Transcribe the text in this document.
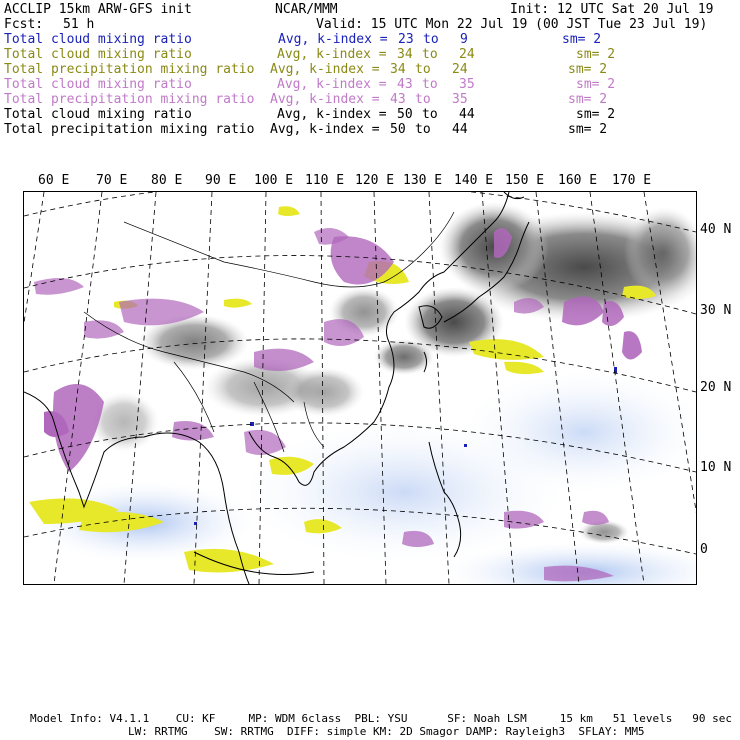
ACCLIP 15km ARW-GFS init	NCAR/MMM	Init: 12 UTC Sat 20 Jul 19
Fcst: 51 h	Valid: 15 UTC Mon 22 Jul 19 (00 JST Tue 23 Jul 19)
Total cloud mixing ratio	Avg, k-index = 23 to 9	sm= 2
Total cloud mixing ratio	Avg, k-index = 34 to 24	sm= 2
Total precipitation mixing ratio Avg, k-index = 34 to 24	sm= 2
Total cloud mixing ratio	Avg, k-index = 43 to 35	sm= 2
Total precipitation mixing ratio Avg, k-index = 43 to 35	sm= 2
Total cloud mixing ratio	Avg, k-index = 50 to 44	sm= 2
Total precipitation mixing ratio Avg, k-index = 50 to 44	sm= 2
60 E 70 E 80 E 90 E 100 E 110 E 120 E 130 E 140 E 150 E 160 E 170 E
40 N
30 N
20 N
10 N
0
Model Info: V4.1.1    CU: KF     MP: WDM 6class  PBL: YSU      SF: Noah LSM     15 km   51 levels   90 sec
LW: RRTMG    SW: RRTMG  DIFF: simple KM: 2D Smagor DAMP: Rayleigh3  SFLAY: MM5
